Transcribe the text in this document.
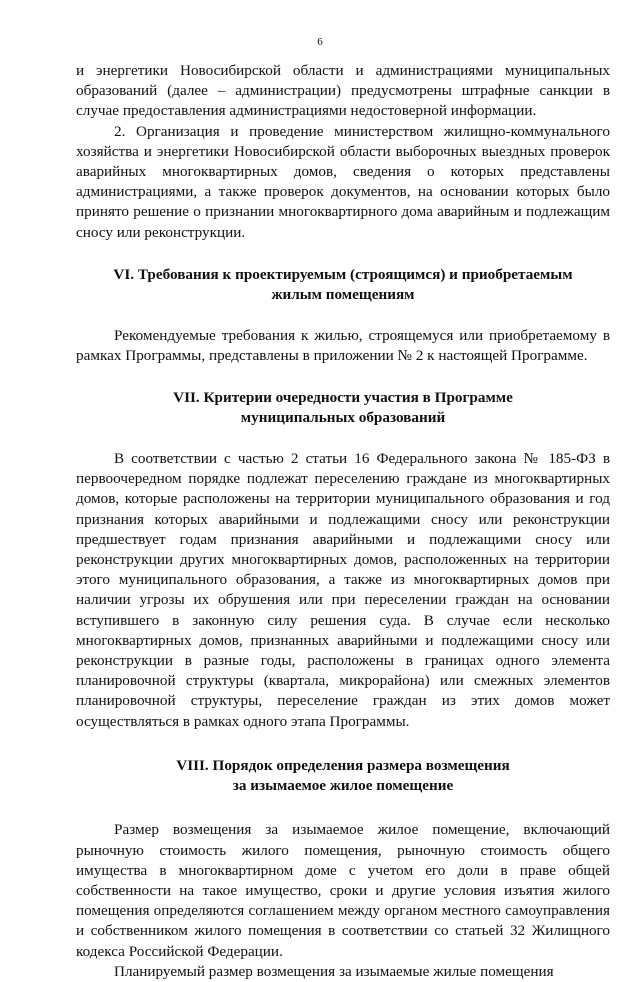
6

и энергетики Новосибирской области и администрациями муниципальных образований (далее – администрации) предусмотрены штрафные санкции в случае предоставления администрациями недостоверной информации.

2. Организация и проведение министерством жилищно-коммунального хозяйства и энергетики Новосибирской области выборочных выездных проверок аварийных многоквартирных домов, сведения о которых представлены администрациями, а также проверок документов, на основании которых было принято решение о признании многоквартирного дома аварийным и подлежащим сносу или реконструкции.

VI. Требования к проектируемым (строящимся) и приобретаемым
жилым помещениям

Рекомендуемые требования к жилью, строящемуся или приобретаемому в рамках Программы, представлены в приложении № 2 к настоящей Программе.

VII. Критерии очередности участия в Программе
муниципальных образований

В соответствии с частью 2 статьи 16 Федерального закона № 185-ФЗ в первоочередном порядке подлежат переселению граждане из многоквартирных домов, которые расположены на территории муниципального образования и год признания которых аварийными и подлежащими сносу или реконструкции предшествует годам признания аварийными и подлежащими сносу или реконструкции других многоквартирных домов, расположенных на территории этого муниципального образования, а также из многоквартирных домов при наличии угрозы их обрушения или при переселении граждан на основании вступившего в законную силу решения суда. В случае если несколько многоквартирных домов, признанных аварийными и подлежащими сносу или реконструкции в разные годы, расположены в границах одного элемента планировочной структуры (квартала, микрорайона) или смежных элементов планировочной структуры, переселение граждан из этих домов может осуществляться в рамках одного этапа Программы.

VIII. Порядок определения размера возмещения
за изымаемое жилое помещение

Размер возмещения за изымаемое жилое помещение, включающий рыночную стоимость жилого помещения, рыночную стоимость общего имущества в многоквартирном доме с учетом его доли в праве общей собственности на такое имущество, сроки и другие условия изъятия жилого помещения определяются соглашением между органом местного самоуправления и собственником жилого помещения в соответствии со статьей 32 Жилищного кодекса Российской Федерации.

Планируемый размер возмещения за изымаемые жилые помещения
